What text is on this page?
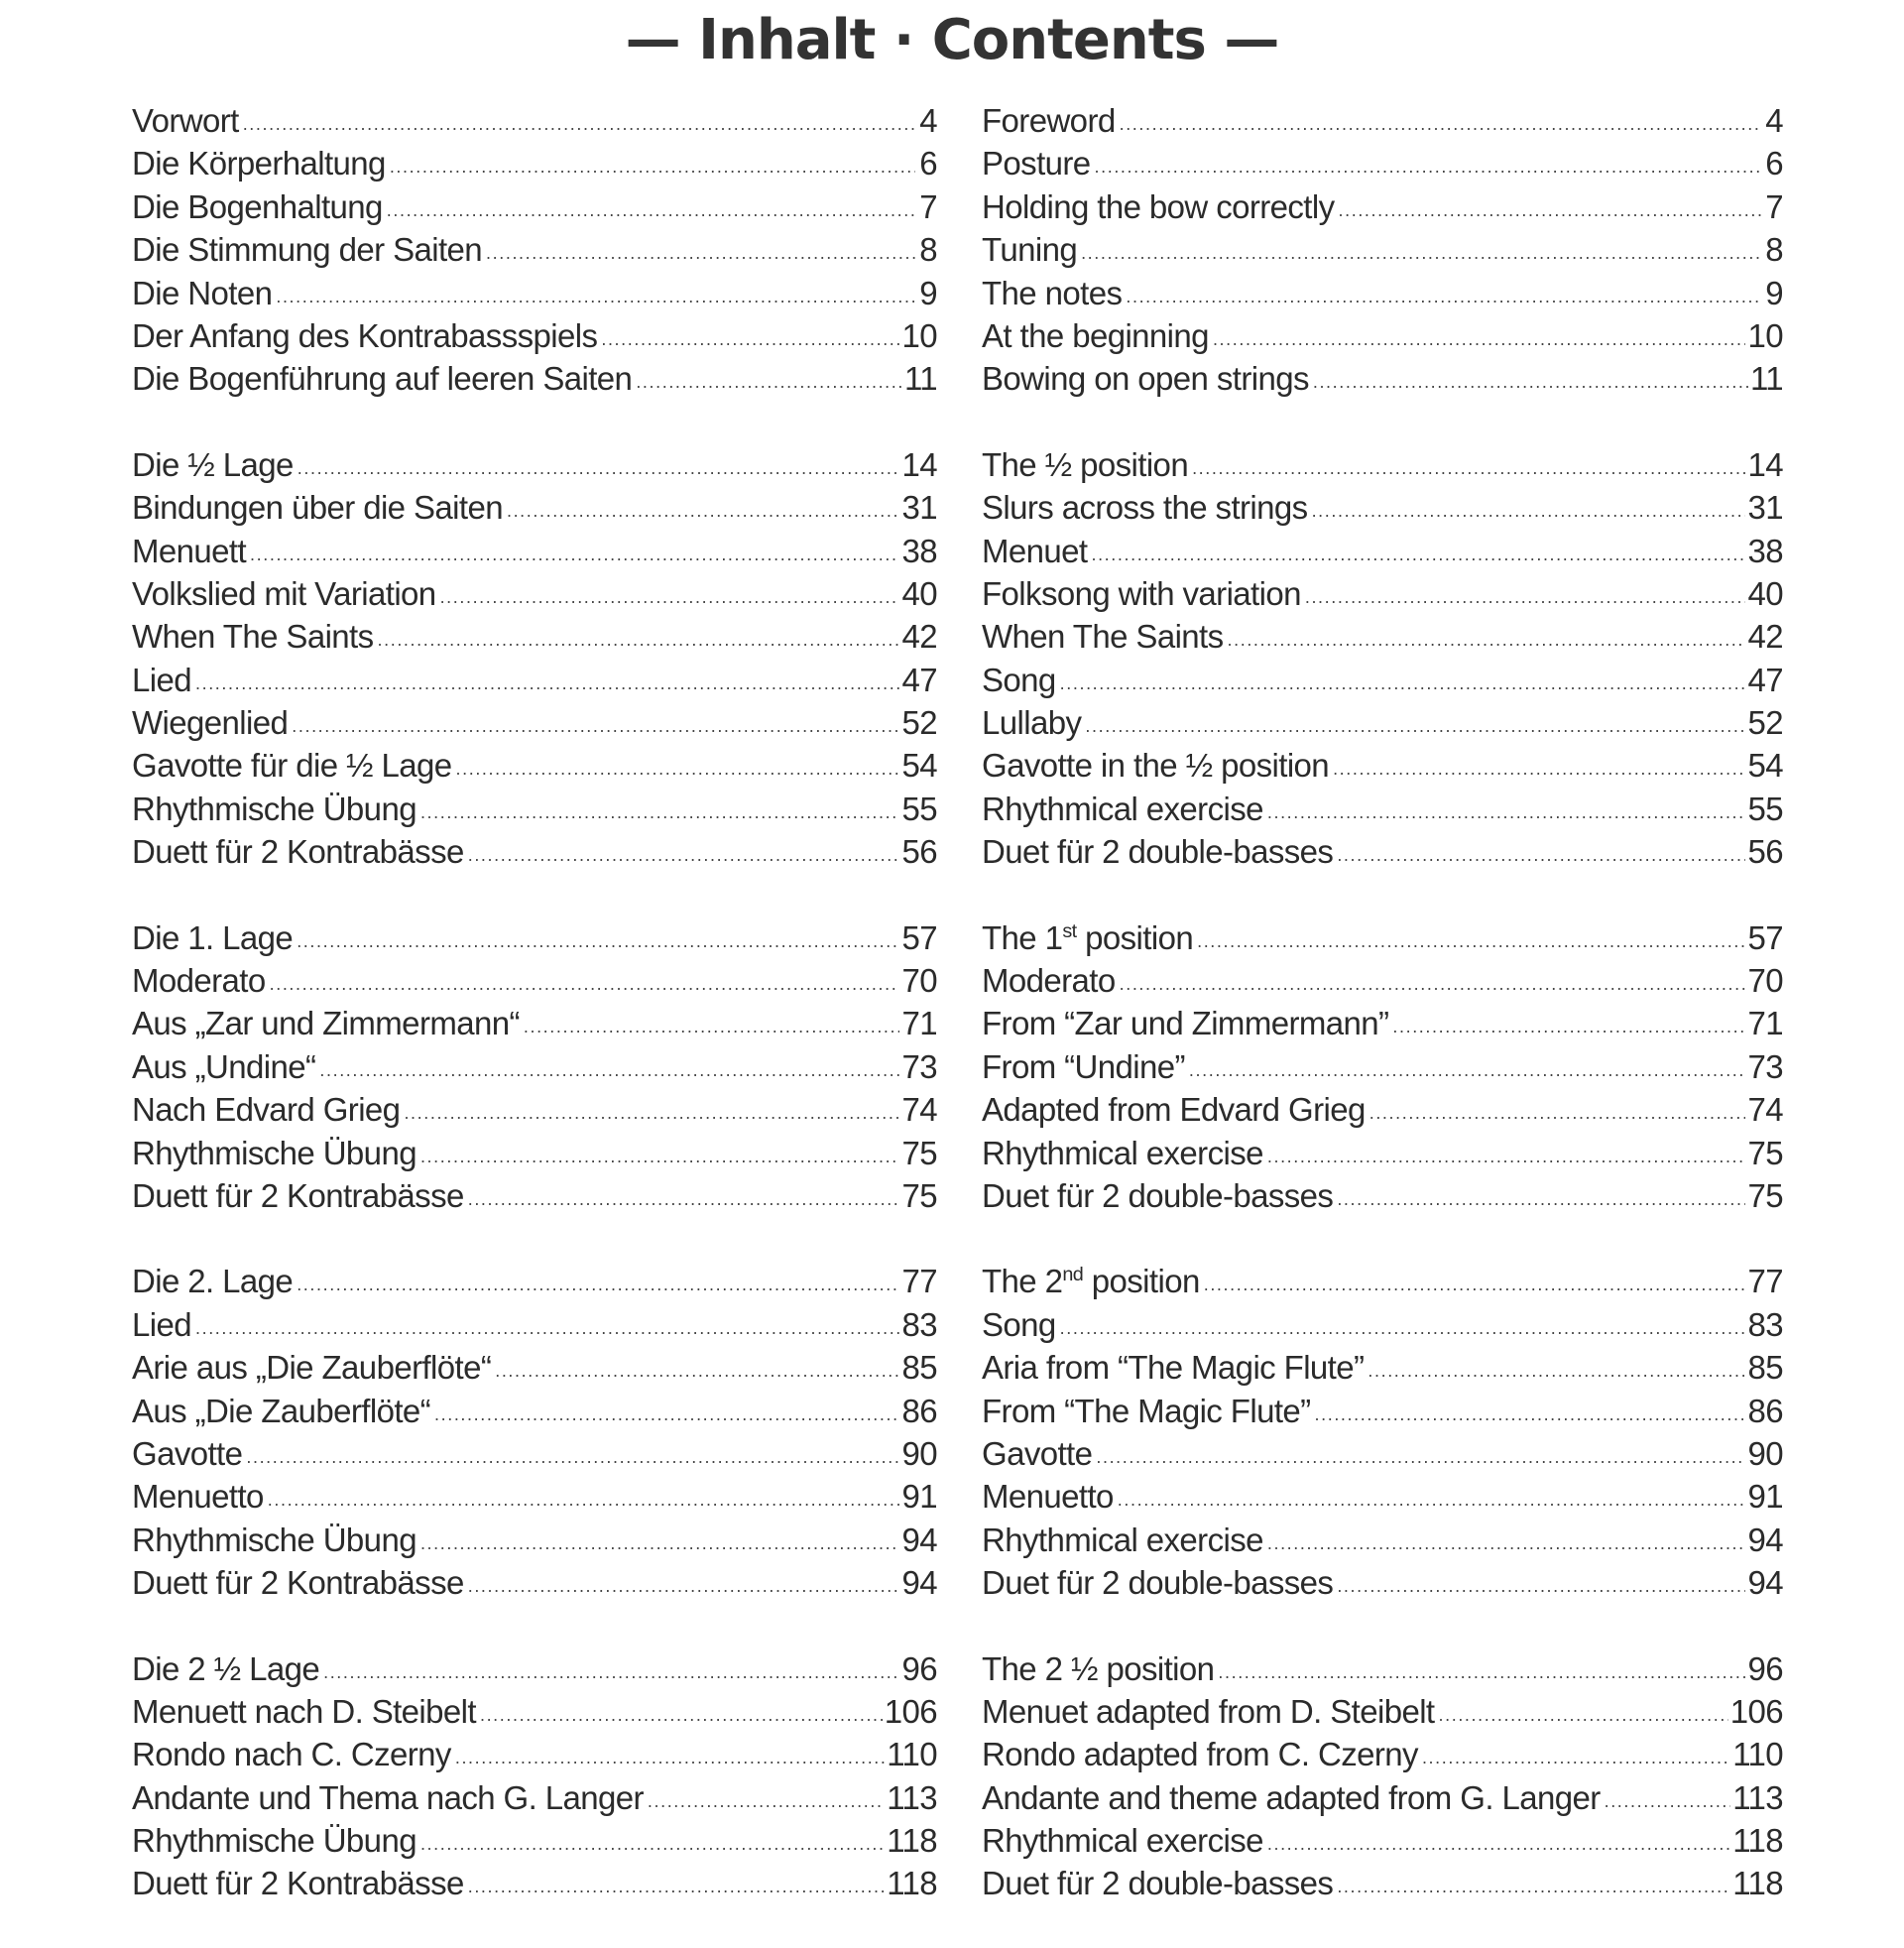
— Inhalt · Contents —
Vorwort .....	4
Die Körperhaltung .....	6
Die Bogenhaltung .....	7
Die Stimmung der Saiten .....	8
Die Noten .....	9
Der Anfang des Kontrabassspiels .....	10
Die Bogenführung auf leeren Saiten .....	11
Die ½ Lage .....	14
Bindungen über die Saiten .....	31
Menuett .....	38
Volkslied mit Variation .....	40
When The Saints .....	42
Lied .....	47
Wiegenlied .....	52
Gavotte für die ½ Lage .....	54
Rhythmische Übung .....	55
Duett für 2 Kontrabässe .....	56
Die 1. Lage .....	57
Moderato .....	70
Aus „Zar und Zimmermann“ .....	71
Aus „Undine“ .....	73
Nach Edvard Grieg .....	74
Rhythmische Übung .....	75
Duett für 2 Kontrabässe .....	75
Die 2. Lage .....	77
Lied .....	83
Arie aus „Die Zauberflöte“ .....	85
Aus „Die Zauberflöte“ .....	86
Gavotte .....	90
Menuetto .....	91
Rhythmische Übung .....	94
Duett für 2 Kontrabässe .....	94
Die 2 ½ Lage .....	96
Menuett nach D. Steibelt .....	106
Rondo nach C. Czerny .....	110
Andante und Thema nach G. Langer .....	113
Rhythmische Übung .....	118
Duett für 2 Kontrabässe .....	118
Foreword .....	4
Posture .....	6
Holding the bow correctly .....	7
Tuning .....	8
The notes .....	9
At the beginning .....	10
Bowing on open strings .....	11
The ½ position .....	14
Slurs across the strings .....	31
Menuet .....	38
Folksong with variation .....	40
When The Saints .....	42
Song .....	47
Lullaby .....	52
Gavotte in the ½ position .....	54
Rhythmical exercise .....	55
Duet für 2 double-basses .....	56
The 1st position .....	57
Moderato .....	70
From “Zar und Zimmermann” .....	71
From “Undine” .....	73
Adapted from Edvard Grieg .....	74
Rhythmical exercise .....	75
Duet für 2 double-basses .....	75
The 2nd position .....	77
Song .....	83
Aria from “The Magic Flute” .....	85
From “The Magic Flute” .....	86
Gavotte .....	90
Menuetto .....	91
Rhythmical exercise .....	94
Duet für 2 double-basses .....	94
The 2 ½ position .....	96
Menuet adapted from D. Steibelt .....	106
Rondo adapted from C. Czerny .....	110
Andante and theme adapted from G. Langer .....	113
Rhythmical exercise .....	118
Duet für 2 double-basses .....	118
